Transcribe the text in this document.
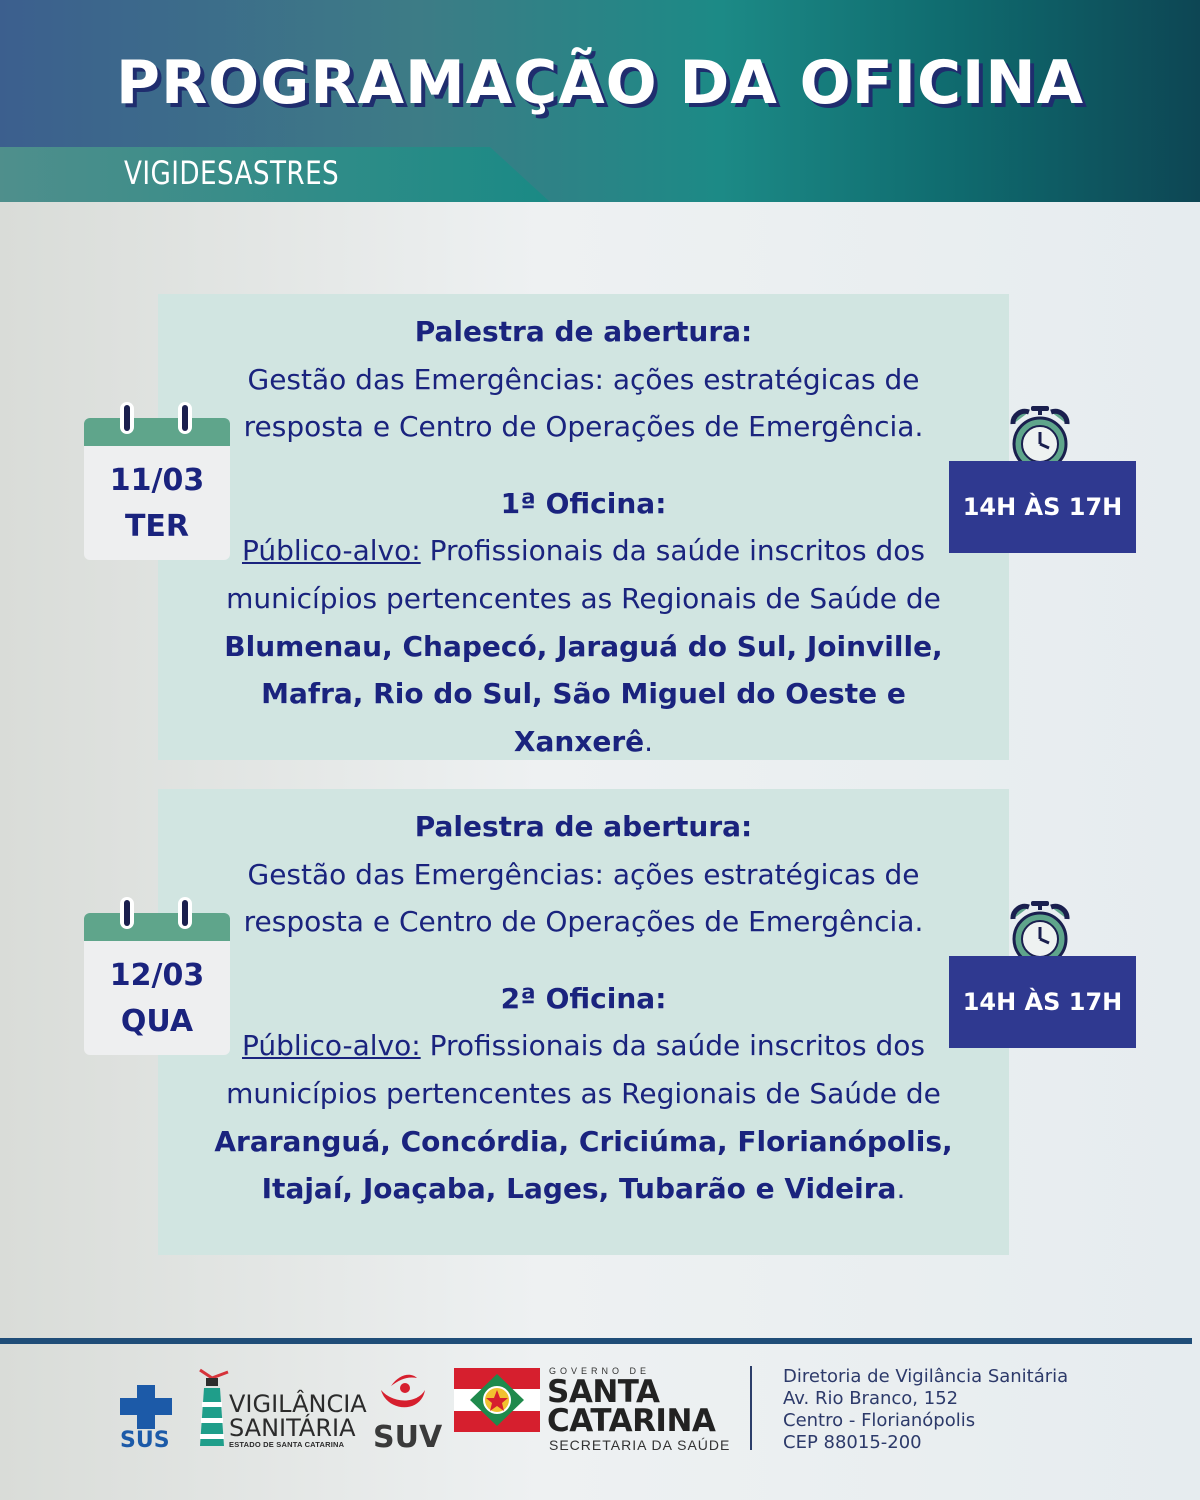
PROGRAMAÇÃO DA OFICINA
VIGIDESASTRES
Palestra de abertura:
Gestão das Emergências: ações estratégicas de
resposta e Centro de Operações de Emergência.
1ª Oficina:
Público-alvo: Profissionais da saúde inscritos dos
municípios pertencentes as Regionais de Saúde de
Blumenau, Chapecó, Jaraguá do Sul, Joinville,
Mafra, Rio do Sul, São Miguel do Oeste e
Xanxerê.
11/03
TER
14H ÀS 17H
Palestra de abertura:
Gestão das Emergências: ações estratégicas de
resposta e Centro de Operações de Emergência.
2ª Oficina:
Público-alvo: Profissionais da saúde inscritos dos
municípios pertencentes as Regionais de Saúde de
Araranguá, Concórdia, Criciúma, Florianópolis,
Itajaí, Joaçaba, Lages, Tubarão e Videira.
12/03
QUA
14H ÀS 17H
SUS
VIGILÂNCIA
SANITÁRIA
ESTADO DE SANTA CATARINA SUV
GOVERNO DE
SANTA
CATARINA
SECRETARIA DA SAÚDE
Diretoria de Vigilância Sanitária
Av. Rio Branco, 152
Centro - Florianópolis
CEP 88015-200
